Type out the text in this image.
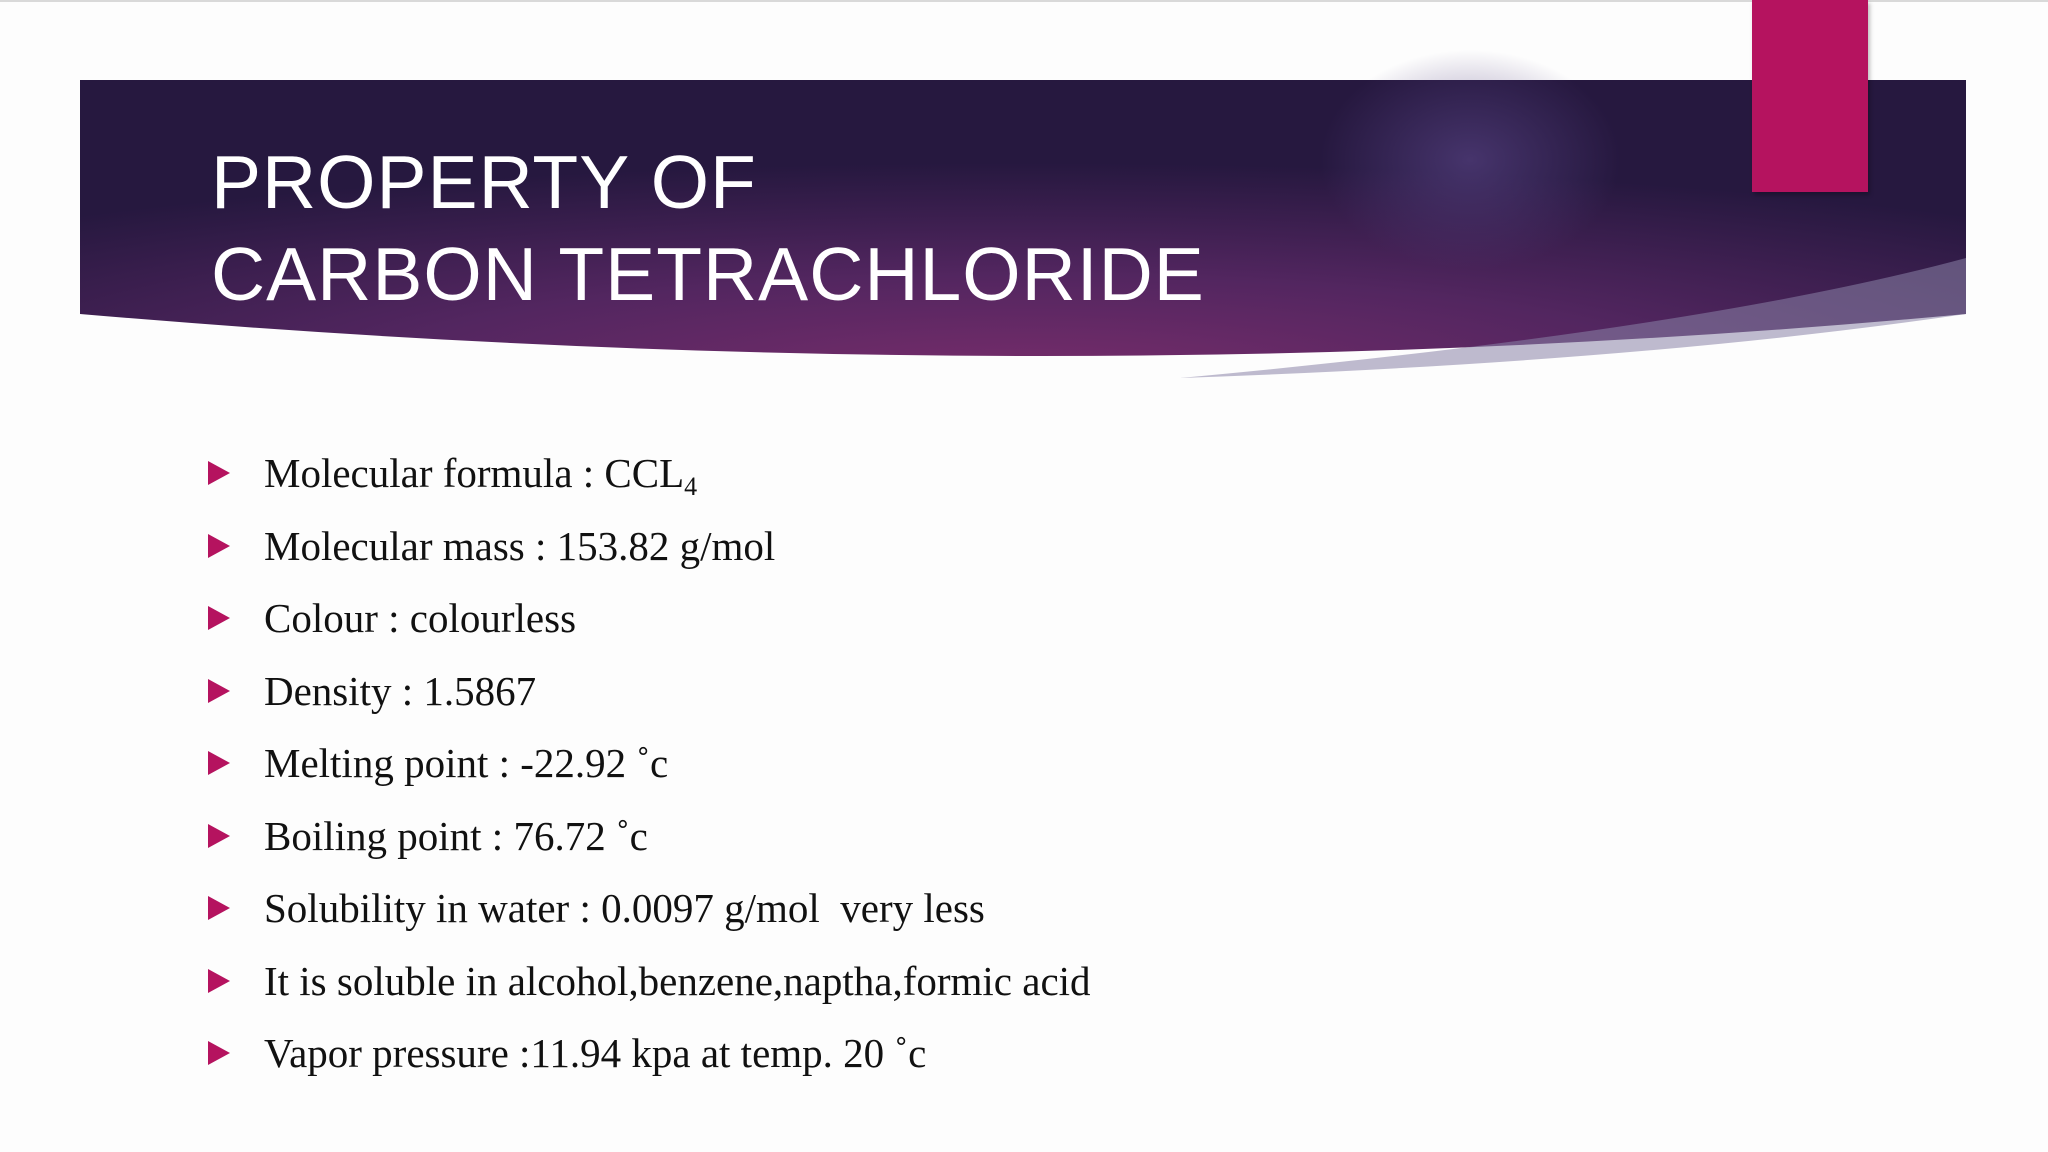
PROPERTY OF
CARBON TETRACHLORIDE
Molecular formula : $CCL_4$
Molecular mass : 153.82 g/mol
Colour : colourless
Density : 1.5867
Melting point : -22.92 ˚c
Boiling point : 76.72 ˚c
Solubility in water : 0.0097 g/mol  very less
It is soluble in alcohol,benzene,naptha,formic acid
Vapor pressure :11.94 kpa at temp. 20 ˚c
